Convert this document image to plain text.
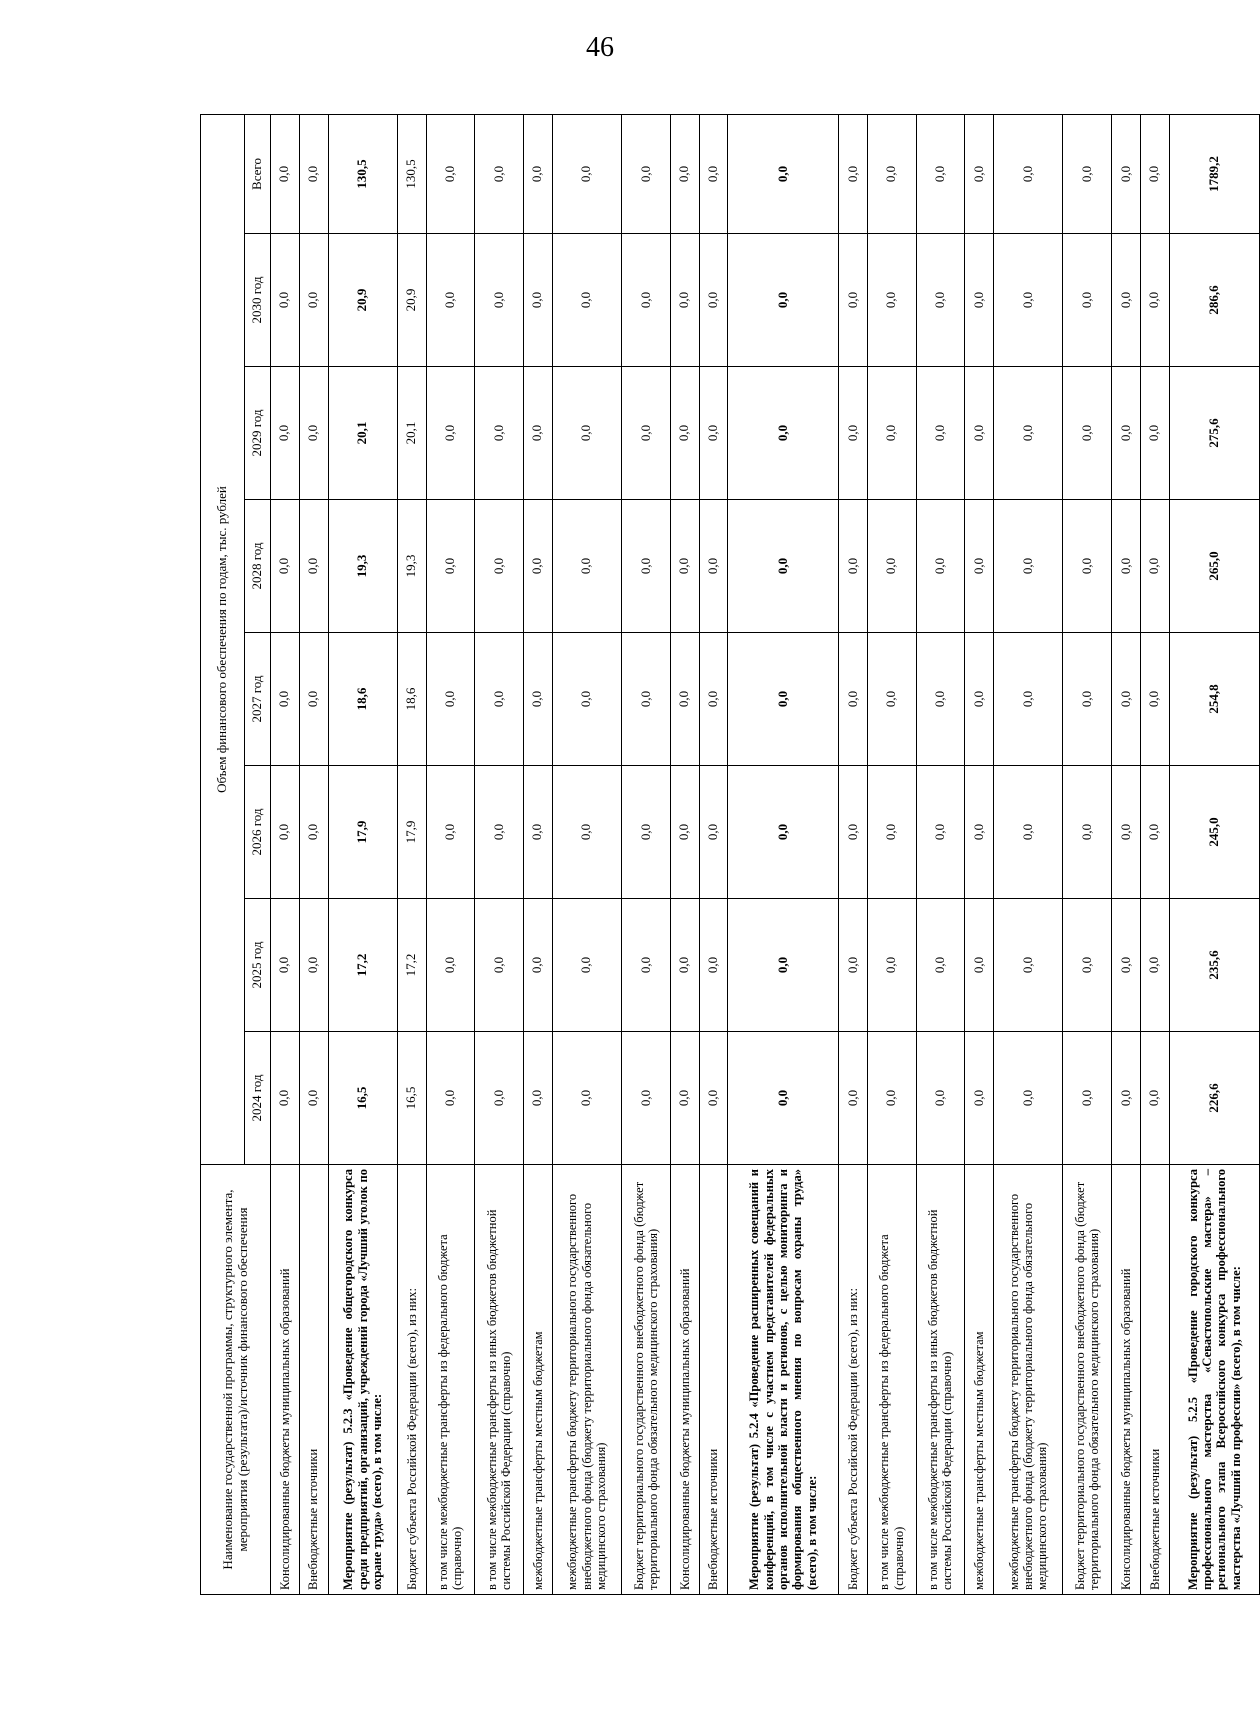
46
Наименование государственной программы, структурного элемента, мероприятия (результата)/источник финансового обеспечения	Объем финансового обеспечения по годам, тыс. рублей							
	2024 год	2025 год	2026 год	2027 год	2028 год	2029 год	2030 год	Всего
Консолидированные бюджеты муниципальных образований	0,0	0,0	0,0	0,0	0,0	0,0	0,0	0,0
Внебюджетные источники	0,0	0,0	0,0	0,0	0,0	0,0	0,0	0,0
Мероприятие (результат) 5.2.3 «Проведение общегородского конкурса среди предприятий, организаций, учреждений города «Лучший уголок по охране труда» (всего), в том числе:	16,5	17,2	17,9	18,6	19,3	20,1	20,9	130,5
Бюджет субъекта Российской Федерации (всего), из них:	16,5	17,2	17,9	18,6	19,3	20,1	20,9	130,5
в том числе межбюджетные трансферты из федерального бюджета (справочно)	0,0	0,0	0,0	0,0	0,0	0,0	0,0	0,0
в том числе межбюджетные трансферты из иных бюджетов бюджетной системы Российской Федерации (справочно)	0,0	0,0	0,0	0,0	0,0	0,0	0,0	0,0
межбюджетные трансферты местным бюджетам	0,0	0,0	0,0	0,0	0,0	0,0	0,0	0,0
межбюджетные трансферты бюджету территориального государственного внебюджетного фонда (бюджету территориального фонда обязательного медицинского страхования)	0,0	0,0	0,0	0,0	0,0	0,0	0,0	0,0
Бюджет территориального государственного внебюджетного фонда (бюджет территориального фонда обязательного медицинского страхования)	0,0	0,0	0,0	0,0	0,0	0,0	0,0	0,0
Консолидированные бюджеты муниципальных образований	0,0	0,0	0,0	0,0	0,0	0,0	0,0	0,0
Внебюджетные источники	0,0	0,0	0,0	0,0	0,0	0,0	0,0	0,0
Мероприятие (результат) 5.2.4 «Проведение расширенных совещаний и конференций, в том числе с участием представителей федеральных органов исполнительной власти и регионов, с целью мониторинга и формирования общественного мнения по вопросам охраны труда» (всего), в том числе:	0,0	0,0	0,0	0,0	0,0	0,0	0,0	0,0
Бюджет субъекта Российской Федерации (всего), из них:	0,0	0,0	0,0	0,0	0,0	0,0	0,0	0,0
в том числе межбюджетные трансферты из федерального бюджета (справочно)	0,0	0,0	0,0	0,0	0,0	0,0	0,0	0,0
в том числе межбюджетные трансферты из иных бюджетов бюджетной системы Российской Федерации (справочно)	0,0	0,0	0,0	0,0	0,0	0,0	0,0	0,0
межбюджетные трансферты местным бюджетам	0,0	0,0	0,0	0,0	0,0	0,0	0,0	0,0
межбюджетные трансферты бюджету территориального государственного внебюджетного фонда (бюджету территориального фонда обязательного медицинского страхования)	0,0	0,0	0,0	0,0	0,0	0,0	0,0	0,0
Бюджет территориального государственного внебюджетного фонда (бюджет территориального фонда обязательного медицинского страхования)	0,0	0,0	0,0	0,0	0,0	0,0	0,0	0,0
Консолидированные бюджеты муниципальных образований	0,0	0,0	0,0	0,0	0,0	0,0	0,0	0,0
Внебюджетные источники	0,0	0,0	0,0	0,0	0,0	0,0	0,0	0,0
Мероприятие (результат) 5.2.5 «Проведение городского конкурса профессионального мастерства «Севастопольские мастера» – регионального этапа Всероссийского конкурса профессионального мастерства «Лучший по профессии» (всего), в том числе:	226,6	235,6	245,0	254,8	265,0	275,6	286,6	1789,2
